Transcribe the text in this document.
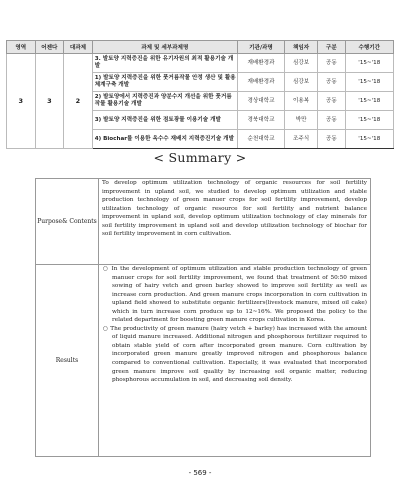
영역	어젠다	대과제	과제 및 세부과제명	기관/과명	책임자	구분	수행기간
3	3	2	3. 발토양 지력증진을 위한 유기자원의 최적 활용기술 개발	재배환경과	심강보	공동	'15~'18
			1) 발토양 지력증진을 위한 풋거름작물 안정 생산 및 활용체계구축 개발	재배환경과	심강보	공동	'15~'18
			2) 밭토양에서 지력증진과 양분수지 개선을 위한 풋거름작물 활용기술 개발	경상대학교	이용복	공동	'15~'18
			3) 밭토양 지력증진을 위한 점토광물 이용기술 개발	경북대학교	박만	공동	'15~'18
			4) Biochar를 이용한 옥수수 재배지 지력증진기술 개발	순천대학교	조주식	공동	'15~'18
< Summary >
Purpose& Contents	To develop optimum utilization technology of organic resources for soil fertility improvement in upland soil, we studied to develop optimum utilization and stable production technology of green manuer crops for soil fertility improvement, develop utilization technology of organic resource for soil fertility and nutrient balance improvement in upland soil, develop optimum utilization technology of clay minerals for soil fertility improvement in upland soil and develop utilization technology of biochar for soil fertility improvement in corn cultivation.
Results	○ In the development of optimum utilization and stable production technology of green manuer crops for soil fertility improvement, we found that treatment of 50:50 mixed sowing of hairy vetch and green barley showed to improve soil fertility as well as increase corn production. And green manure crops incorporation in corn cultivation in upland field showed to substitute organic fertilizers(livestock manure, mixed oil cake) which in turn increase corn produce up to 12~16%. We proposed the policy to the related department for boosting green manure crops cultivation in Korea.

○ The productivity of green manure (hairy vetch + barley) has increased with the amount of liquid manure increased. Additional nitrogen and phosphorous fertilizer required to obtain stable yield of corn after incorporated green manure. Corn cultivation by incorporated green manure greatly improved nitrogen and phosphorous balance compared to conventional cultivation. Especially, it was evaluated that incorporated green manure improve soil quality by increasing soil organic matter, reducing phosphorous accumulation in soil, and decreasing soil density.

- 569 -
